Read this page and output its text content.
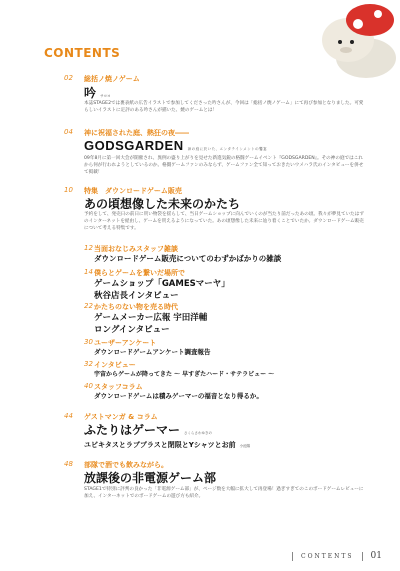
CONTENTS
02 総括ノ焼ノゲーム
吟 サヨヨ
本誌STAGE2では裏表紙の広告イラストで参加してくださった吟さんが、今回は「総括ノ焼ノゲーム」にて再び参加となりました。可愛らしいイラストに定評のある吟さんが描いた、焼のゲームとは！
04 神に祝福された庭、熱狂の夜――
GODSGARDEN 神の庭に於いた、エンタテインメントの饗宴
09年8月に第一回大会が開催され、異例の盛り上がりを見せた新進気鋭の格闘ゲームイベント『GODSGARDEN』。その神の庭ではこれから何が行われようとしているのか。格闘ゲームファンのみならず、ゲームファン全て知っておきたいウメハラ氏のインタビューを併せて掲載！
10 特集　ダウンロードゲーム販売
あの頃想像した未来のかたち
予約をして、発売日の前日に買い物袋を揺らして、当日ゲームショップに向んでいくのが当たり前だったあの頃。我々が夢見ていたはずのインターネットを経由し、ゲームを買えるようになっていた。あの頃想像した未来に辿り着くことでいたか。ダウンロードゲーム販売について考える特集です。
12 当面おなじみスタッフ雑談
ダウンロードゲーム販売についてのわずかばかりの雑談
14 僕らとゲームを繋いだ場所で
ゲームショップ「GAMESマーヤ」
秋谷店長インタビュー
22 かたちのない物を売る時代
ゲームメーカー広報 宇田洋輔
ロングインタビュー
30 ユーザーアンケート
ダウンロードゲームアンケート調査報告
32 インタビュー
宇宙からゲームが降ってきた 〜 早すぎたハード・サテラビュー 〜
40 スタッフコラム
ダウンロードゲームは積みゲーマーの福音となり得るか。
44 ゲストマンガ & コラム
ふたりはゲーマー さくらさわゆきの
ユビキタスとラブプラスと閉限とYシャツとお前 小池陽
48 部隊で酒でも飲みながら。
放課後の非電源ゲーム部
STAGE1で特別に評判の良かった「非電源ゲーム部」が、ページ数を大幅に拡大して再登場！過ぎすぎてのこのボードゲームレビューに加え、インターネットでのボードゲームの遊び方も紹介。
CONTENTS 01
